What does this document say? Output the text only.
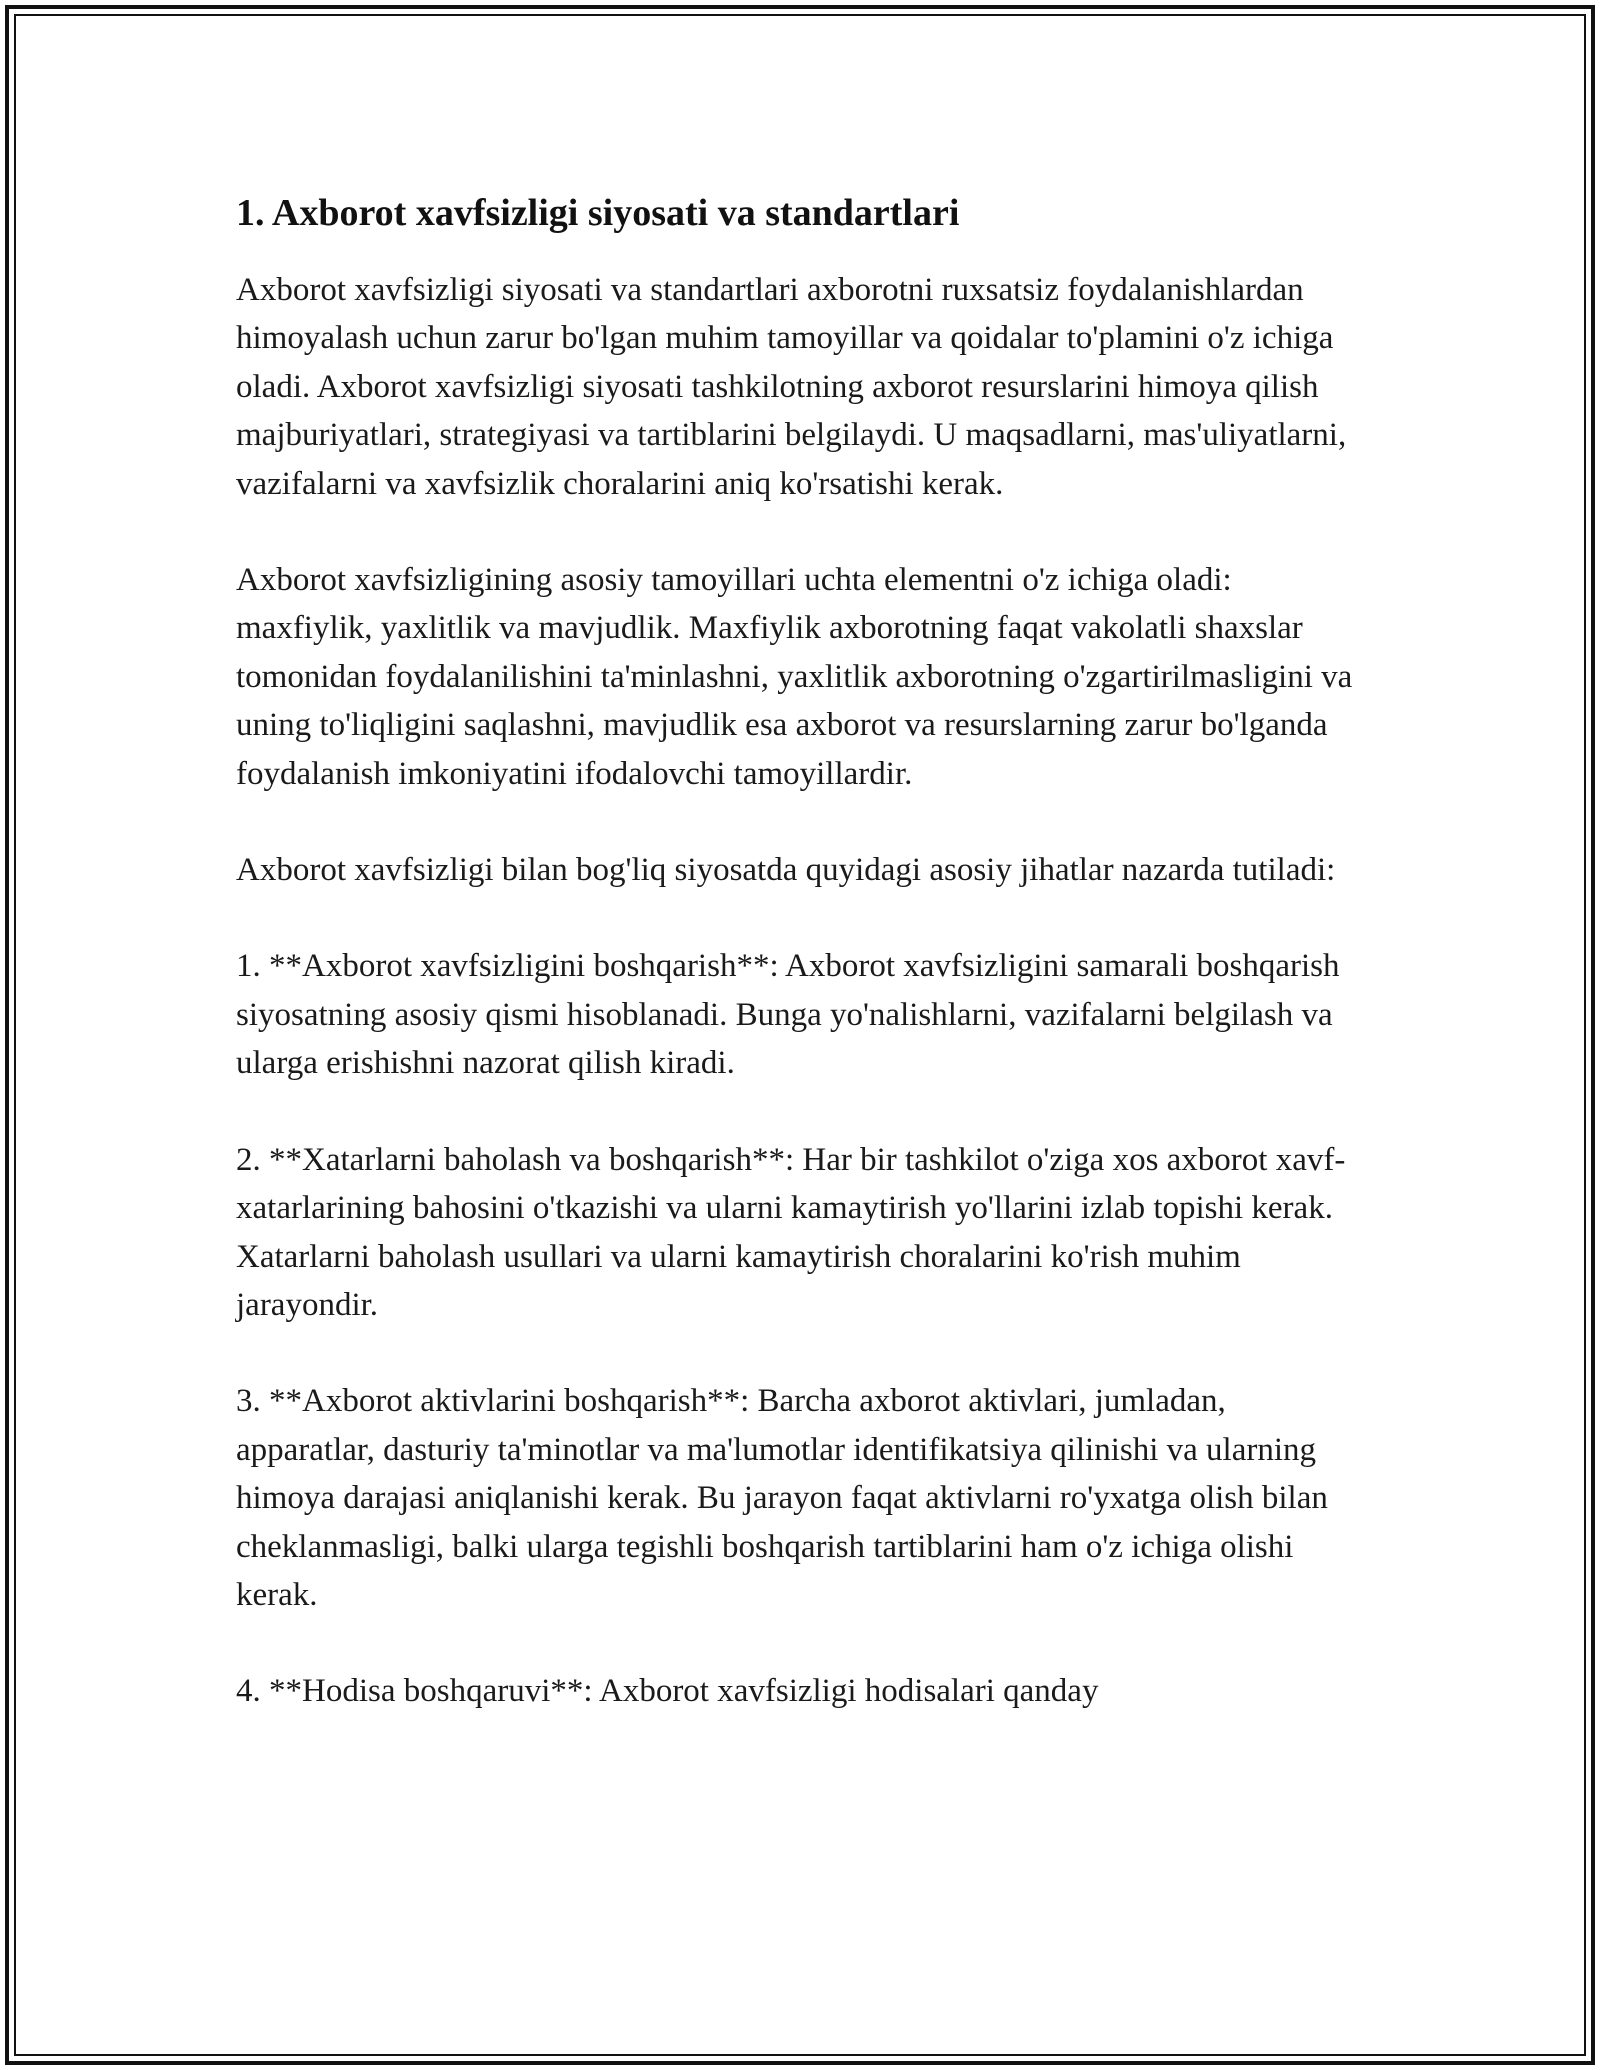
1. Axborot xavfsizligi siyosati va standartlari

Axborot xavfsizligi siyosati va standartlari axborotni ruxsatsiz foydalanishlardan himoyalash uchun zarur bo'lgan muhim tamoyillar va qoidalar to'plamini o'z ichiga oladi. Axborot xavfsizligi siyosati tashkilotning axborot resurslarini himoya qilish majburiyatlari, strategiyasi va tartiblarini belgilaydi. U maqsadlarni, mas'uliyatlarni, vazifalarni va xavfsizlik choralarini aniq ko'rsatishi kerak.

Axborot xavfsizligining asosiy tamoyillari uchta elementni o'z ichiga oladi: maxfiylik, yaxlitlik va mavjudlik. Maxfiylik axborotning faqat vakolatli shaxslar tomonidan foydalanilishini ta'minlashni, yaxlitlik axborotning o'zgartirilmasligini va uning to'liqligini saqlashni, mavjudlik esa axborot va resurslarning zarur bo'lganda foydalanish imkoniyatini ifodalovchi tamoyillardir.

Axborot xavfsizligi bilan bog'liq siyosatda quyidagi asosiy jihatlar nazarda tutiladi:

1. **Axborot xavfsizligini boshqarish**: Axborot xavfsizligini samarali boshqarish siyosatning asosiy qismi hisoblanadi. Bunga yo'nalishlarni, vazifalarni belgilash va ularga erishishni nazorat qilish kiradi.

2. **Xatarlarni baholash va boshqarish**: Har bir tashkilot o'ziga xos axborot xavf-xatarlarining bahosini o'tkazishi va ularni kamaytirish yo'llarini izlab topishi kerak. Xatarlarni baholash usullari va ularni kamaytirish choralarini ko'rish muhim jarayondir.

3. **Axborot aktivlarini boshqarish**: Barcha axborot aktivlari, jumladan, apparatlar, dasturiy ta'minotlar va ma'lumotlar identifikatsiya qilinishi va ularning himoya darajasi aniqlanishi kerak. Bu jarayon faqat aktivlarni ro'yxatga olish bilan cheklanmasligi, balki ularga tegishli boshqarish tartiblarini ham o'z ichiga olishi kerak.

4. **Hodisa boshqaruvi**: Axborot xavfsizligi hodisalari qanday
